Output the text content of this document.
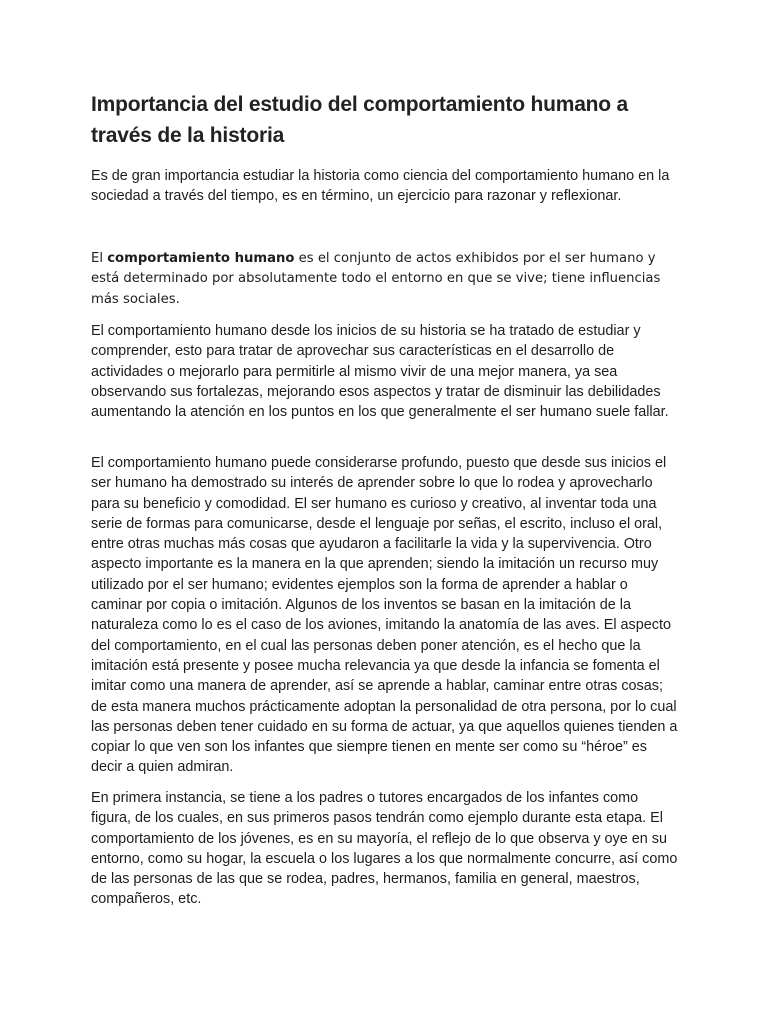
Importancia del estudio del comportamiento humano a través de la historia

Es de gran importancia estudiar la historia como ciencia del comportamiento humano en la sociedad a través del tiempo, es en término, un ejercicio para razonar y reflexionar.

El comportamiento humano es el conjunto de actos exhibidos por el ser humano y está determinado por absolutamente todo el entorno en que se vive; tiene influencias más sociales.

El comportamiento humano desde los inicios de su historia se ha tratado de estudiar y comprender, esto para tratar de aprovechar sus características en el desarrollo de actividades o mejorarlo para permitirle al mismo vivir de una mejor manera, ya sea observando sus fortalezas, mejorando esos aspectos y tratar de disminuir las debilidades aumentando la atención en los puntos en los que generalmente el ser humano suele fallar.

El comportamiento humano puede considerarse profundo, puesto que desde sus inicios el ser humano ha demostrado su interés de aprender sobre lo que lo rodea y aprovecharlo para su beneficio y comodidad. El ser humano es curioso y creativo, al inventar toda una serie de formas para comunicarse, desde el lenguaje por señas, el escrito, incluso el oral, entre otras muchas más cosas que ayudaron a facilitarle la vida y la supervivencia. Otro aspecto importante es la manera en la que aprenden; siendo la imitación un recurso muy utilizado por el ser humano; evidentes ejemplos son la forma de aprender a hablar o caminar por copia o imitación. Algunos de los inventos se basan en la imitación de la naturaleza como lo es el caso de los aviones, imitando la anatomía de las aves. El aspecto del comportamiento, en el cual las personas deben poner atención, es el hecho que la imitación está presente y posee mucha relevancia ya que desde la infancia se fomenta el imitar como una manera de aprender, así se aprende a hablar, caminar entre otras cosas; de esta manera muchos prácticamente adoptan la personalidad de otra persona, por lo cual las personas deben tener cuidado en su forma de actuar, ya que aquellos quienes tienden a copiar lo que ven son los infantes que siempre tienen en mente ser como su “héroe” es decir a quien admiran.

En primera instancia, se tiene a los padres o tutores encargados de los infantes como figura, de los cuales, en sus primeros pasos tendrán como ejemplo durante esta etapa. El comportamiento de los jóvenes, es en su mayoría, el reflejo de lo que observa y oye en su entorno, como su hogar, la escuela o los lugares a los que normalmente concurre, así como de las personas de las que se rodea, padres, hermanos, familia en general, maestros, compañeros, etc.
